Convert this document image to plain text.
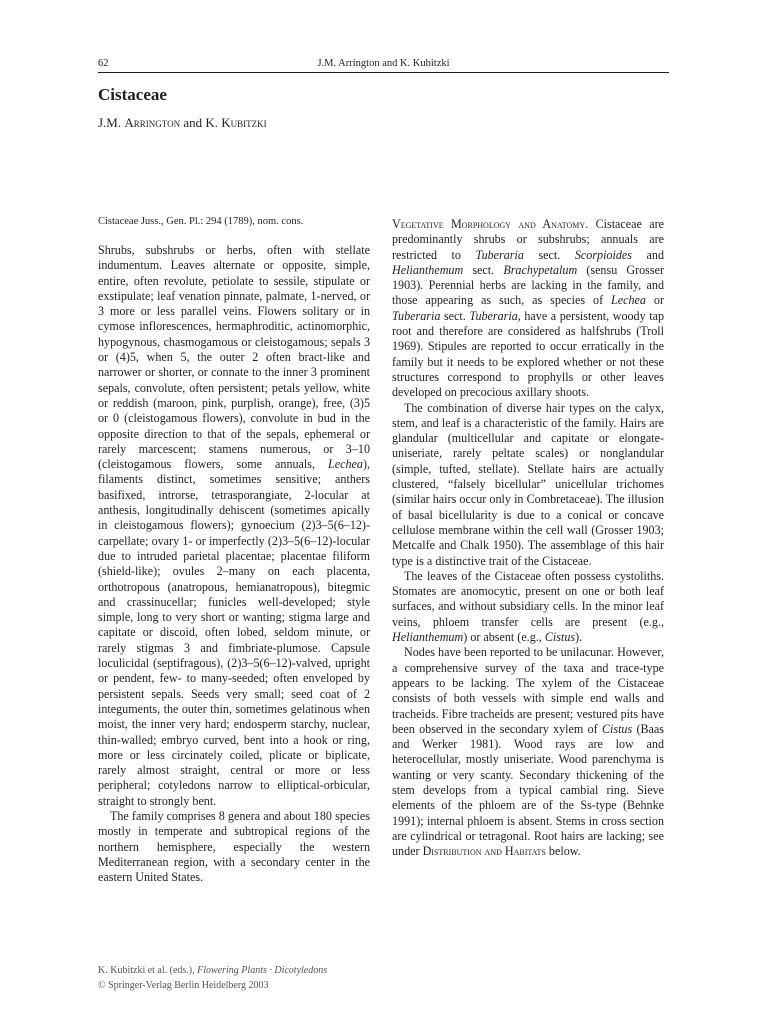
62	J.M. Arrington and K. Kubitzki
Cistaceae
J.M. Arrington and K. Kubitzki

Cistaceae Juss., Gen. Pl.: 294 (1789), nom. cons.

Shrubs, subshrubs or herbs, often with stellate indumentum. Leaves alternate or opposite, simple, entire, often revolute, petiolate to sessile, stipulate or exstipulate; leaf venation pinnate, palmate, 1-nerved, or 3 more or less parallel veins. Flowers solitary or in cymose inflorescences, hermaphroditic, actinomorphic, hypogynous, chasmogamous or cleistogamous; sepals 3 or (4)5, when 5, the outer 2 often bract-like and narrower or shorter, or connate to the inner 3 prominent sepals, convolute, often persistent; petals yellow, white or reddish (maroon, pink, purplish, orange), free, (3)5 or 0 (cleistogamous flowers), convolute in bud in the opposite direction to that of the sepals, ephemeral or rarely marcescent; stamens numerous, or 3–10 (cleistogamous flowers, some annuals, Lechea), filaments distinct, sometimes sensitive; anthers basifixed, introrse, tetrasporangiate, 2-locular at anthesis, longitudinally dehiscent (sometimes apically in cleistogamous flowers); gynoecium (2)3–5(6–12)-carpellate; ovary 1- or imperfectly (2)3–5(6–12)-locular due to intruded parietal placentae; placentae filiform (shield-like); ovules 2–many on each placenta, orthotropous (anatropous, hemianatropous), bitegmic and crassinucellar; funicles well-developed; style simple, long to very short or wanting; stigma large and capitate or discoid, often lobed, seldom minute, or rarely stigmas 3 and fimbriate-plumose. Capsule loculicidal (septifragous), (2)3–5(6–12)-valved, upright or pendent, few- to many-seeded; often enveloped by persistent sepals. Seeds very small; seed coat of 2 integuments, the outer thin, sometimes gelatinous when moist, the inner very hard; endosperm starchy, nuclear, thin-walled; embryo curved, bent into a hook or ring, more or less circinately coiled, plicate or biplicate, rarely almost straight, central or more or less peripheral; cotyledons narrow to elliptical-orbicular, straight to strongly bent.

The family comprises 8 genera and about 180 species mostly in temperate and subtropical regions of the northern hemisphere, especially the western Mediterranean region, with a secondary center in the eastern United States.

Vegetative Morphology and Anatomy. Cistaceae are predominantly shrubs or subshrubs; annuals are restricted to Tuberaria sect. Scorpioides and Helianthemum sect. Brachypetalum (sensu Grosser 1903). Perennial herbs are lacking in the family, and those appearing as such, as species of Lechea or Tuberaria sect. Tuberaria, have a persistent, woody tap root and therefore are considered as halfshrubs (Troll 1969). Stipules are reported to occur erratically in the family but it needs to be explored whether or not these structures correspond to prophylls or other leaves developed on precocious axillary shoots.

The combination of diverse hair types on the calyx, stem, and leaf is a characteristic of the family. Hairs are glandular (multicellular and capitate or elongate-uniseriate, rarely peltate scales) or nonglandular (simple, tufted, stellate). Stellate hairs are actually clustered, “falsely bicellular” unicellular trichomes (similar hairs occur only in Combretaceae). The illusion of basal bicellularity is due to a conical or concave cellulose membrane within the cell wall (Grosser 1903; Metcalfe and Chalk 1950). The assemblage of this hair type is a distinctive trait of the Cistaceae.

The leaves of the Cistaceae often possess cystoliths. Stomates are anomocytic, present on one or both leaf surfaces, and without subsidiary cells. In the minor leaf veins, phloem transfer cells are present (e.g., Helianthemum) or absent (e.g., Cistus).

Nodes have been reported to be unilacunar. However, a comprehensive survey of the taxa and trace-type appears to be lacking. The xylem of the Cistaceae consists of both vessels with simple end walls and tracheids. Fibre tracheids are present; vestured pits have been observed in the secondary xylem of Cistus (Baas and Werker 1981). Wood rays are low and heterocellular, mostly uniseriate. Wood parenchyma is wanting or very scanty. Secondary thickening of the stem develops from a typical cambial ring. Sieve elements of the phloem are of the Ss-type (Behnke 1991); internal phloem is absent. Stems in cross section are cylindrical or tetragonal. Root hairs are lacking; see under Distribution and Habitats below.

K. Kubitzki et al. (eds.), Flowering Plants · Dicotyledons
© Springer-Verlag Berlin Heidelberg 2003
